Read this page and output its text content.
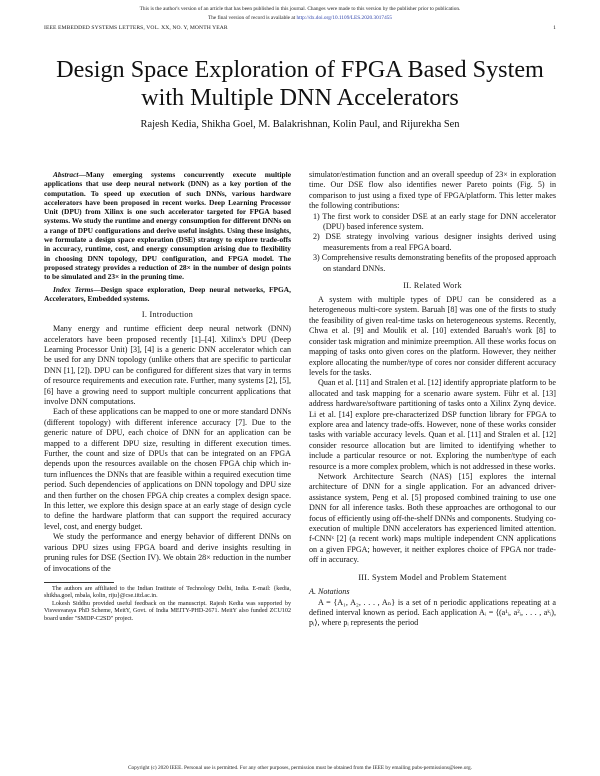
This is the author's version of an article that has been published in this journal. Changes were made to this version by the publisher prior to publication.
The final version of record is available at http://dx.doi.org/10.1109/LES.2020.3017455
IEEE EMBEDDED SYSTEMS LETTERS, VOL. XX, NO. Y, MONTH YEAR	1
Design Space Exploration of FPGA Based System
with Multiple DNN Accelerators
Rajesh Kedia, Shikha Goel, M. Balakrishnan, Kolin Paul, and Rijurekha Sen

Abstract—Many emerging systems concurrently execute multiple applications that use deep neural network (DNN) as a key portion of the computation. To speed up execution of such DNNs, various hardware accelerators have been proposed in recent works. Deep Learning Processor Unit (DPU) from Xilinx is one such accelerator targeted for FPGA based systems. We study the runtime and energy consumption for different DNNs on a range of DPU configurations and derive useful insights. Using these insights, we formulate a design space exploration (DSE) strategy to explore trade-offs in accuracy, runtime, cost, and energy consumption arising due to flexibility in choosing DNN topology, DPU configuration, and FPGA model. The proposed strategy provides a reduction of 28× in the number of design points to be simulated and 23× in the pruning time.

Index Terms—Design space exploration, Deep neural networks, FPGA, Accelerators, Embedded systems.

I. Introduction

Many energy and runtime efficient deep neural network (DNN) accelerators have been proposed recently [1]–[4]. Xilinx's DPU (Deep Learning Processor Unit) [3], [4] is a generic DNN accelerator which can be used for any DNN topology (unlike others that are specific to particular DNN [1], [2]). DPU can be configured for different sizes that vary in terms of resource requirements and execution rate. Further, many systems [2], [5], [6] have a growing need to support multiple concurrent applications that involve DNN computations.

Each of these applications can be mapped to one or more standard DNNs (different topology) with different inference accuracy [7]. Due to the generic nature of DPU, each choice of DNN for an application can be mapped to a different DPU size, resulting in different execution times. Further, the count and size of DPUs that can be integrated on an FPGA depends upon the resources available on the chosen FPGA chip which in-turn influences the DNNs that are feasible within a required execution time period. Such dependencies of applications on DNN topology and DPU size and then further on the chosen FPGA chip creates a complex design space. In this letter, we explore this design space at an early stage of design cycle to define the hardware platform that can support the required accuracy level, cost, and energy budget.

We study the performance and energy behavior of different DNNs on various DPU sizes using FPGA board and derive insights resulting in pruning rules for DSE (Section IV). We obtain 28× reduction in the number of invocations of the

The authors are affiliated to the Indian Institute of Technology Delhi, India. E-mail: {kedia, shikha.goel, mbala, kolin, riju}@cse.iitd.ac.in.

Lokesh Siddhu provided useful feedback on the manuscript. Rajesh Kedia was supported by Visvesvaraya PhD Scheme, MeitY, Govt. of India MEITY-PHD-2671. MeitY also funded ZCU102 board under "SMDP-C2SD" project.

simulator/estimation function and an overall speedup of 23× in exploration time. Our DSE flow also identifies newer Pareto points (Fig. 5) in comparison to just using a fixed type of FPGA/platform. This letter makes the following contributions:

1) The first work to consider DSE at an early stage for DNN accelerator (DPU) based inference system.
2) DSE strategy involving various designer insights derived using measurements from a real FPGA board.
3) Comprehensive results demonstrating benefits of the proposed approach on standard DNNs.
II. Related Work

A system with multiple types of DPU can be considered as a heterogeneous multi-core system. Baruah [8] was one of the firsts to study the feasibility of given real-time tasks on heterogeneous systems. Recently, Chwa et al. [9] and Moulik et al. [10] extended Baruah's work [8] to consider task migration and minimize preemption. All these works focus on mapping of tasks onto given cores on the platform. However, they neither explore allocating the number/type of cores nor consider different accuracy levels for the tasks.

Quan et al. [11] and Stralen et al. [12] identify appropriate platform to be allocated and task mapping for a scenario aware system. Führ et al. [13] address hardware/software partitioning of tasks onto a Xilinx Zynq device. Li et al. [14] explore pre-characterized DSP function library for FPGA to explore area and latency trade-offs. However, none of these works consider tasks with variable accuracy levels. Quan et al. [11] and Stralen et al. [12] consider resource allocation but are limited to identifying whether to include a particular resource or not. Exploring the number/type of each resource is a more complex problem, which is not addressed in these works.

Network Architecture Search (NAS) [15] explores the internal architecture of DNN for a single application. For an advanced driver-assistance system, Peng et al. [5] proposed combined training to use one DNN for all inference tasks. Both these approaches are orthogonal to our focus of efficiently using off-the-shelf DNNs and components. Studying co-execution of multiple DNN accelerators has experienced limited attention. f-CNNˣ [2] (a recent work) maps multiple independent CNN applications on a given FPGA; however, it neither explores choice of FPGA nor trade-off in accuracy.

III. System Model and Problem Statement
A. Notations

A = {A₁, A₂, . . . , Aₙ} is a set of n periodic applications repeating at a defined interval known as period. Each application Aᵢ = ⟨(a¹ᵢ, a²ᵢ, . . . , aᵏᵢ), pᵢ⟩, where pᵢ represents the period

Copyright (c) 2020 IEEE. Personal use is permitted. For any other purposes, permission must be obtained from the IEEE by emailing pubs-permissions@ieee.org.
